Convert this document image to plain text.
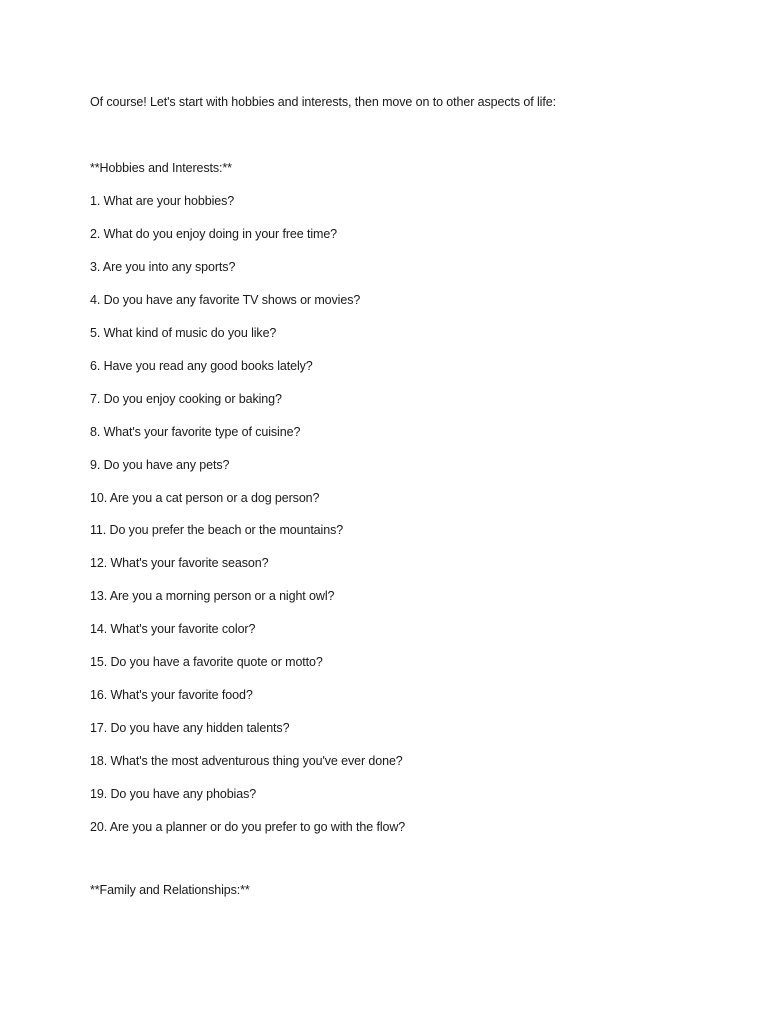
Of course! Let's start with hobbies and interests, then move on to other aspects of life:

**Hobbies and Interests:**

1. What are your hobbies?
2. What do you enjoy doing in your free time?
3. Are you into any sports?
4. Do you have any favorite TV shows or movies?
5. What kind of music do you like?
6. Have you read any good books lately?
7. Do you enjoy cooking or baking?
8. What's your favorite type of cuisine?
9. Do you have any pets?
10. Are you a cat person or a dog person?
11. Do you prefer the beach or the mountains?
12. What's your favorite season?
13. Are you a morning person or a night owl?
14. What's your favorite color?
15. Do you have a favorite quote or motto?
16. What's your favorite food?
17. Do you have any hidden talents?
18. What's the most adventurous thing you've ever done?
19. Do you have any phobias?
20. Are you a planner or do you prefer to go with the flow?

**Family and Relationships:**
